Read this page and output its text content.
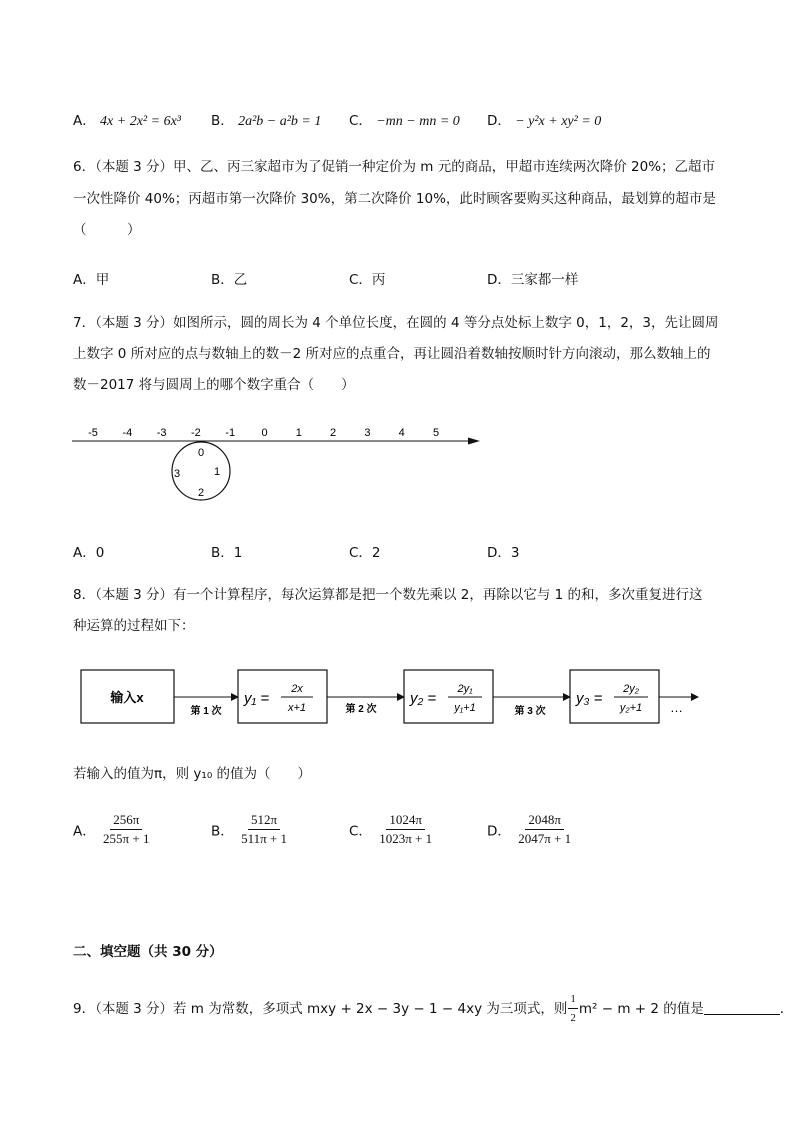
A． 4x + 2x² = 6x³ B． 2a²b − a²b = 1 C． −mn − mn = 0 D． − y²x + xy² = 0
6．（本题 3 分）甲、乙、丙三家超市为了促销一种定价为 m 元的商品，甲超市连续两次降价 20%；乙超市
一次性降价 40%；丙超市第一次降价 30%，第二次降价 10%，此时顾客要购买这种商品，最划算的超市是
（　　　）
A．甲	B．乙	C．丙	D．三家都一样
7．（本题 3 分）如图所示，圆的周长为 4 个单位长度，在圆的 4 等分点处标上数字 0，1，2，3，先让圆周
上数字 0 所对应的点与数轴上的数－2 所对应的点重合，再让圆沿着数轴按顺时针方向滚动，那么数轴上的
数－2017 将与圆周上的哪个数字重合（　　）
-5 -4 -3 -2 -1 0	1	2	3	4	5
0
1
2
3
A．0	B．1	C．2	D．3
8．（本题 3 分）有一个计算程序，每次运算都是把一个数先乘以 2，再除以它与 1 的和，多次重复进行这
种运算的过程如下：
输入x
第 1 次
y₁ =
2x
x+1	第 2 次
y₂ =
2y₁
y₁+1	第 3 次
y₃ =
2y₂
y₂+1 …
若输入的值为π，则 y₁₀ 的值为（　　）
A． $\frac{256\pi}{255\pi + 1}$	B． $\frac{512\pi}{511\pi + 1}$	C． $\frac{1024\pi}{1023\pi + 1}$	D． $\frac{2048\pi}{2047\pi + 1}$
二、填空题（共 30 分）
9．（本题 3 分）若 m 为常数，多项式 mxy + 2x − 3y − 1 − 4xy 为三项式，则 $\frac{1}{2} m^2 - m + 2$ 的值是	．
